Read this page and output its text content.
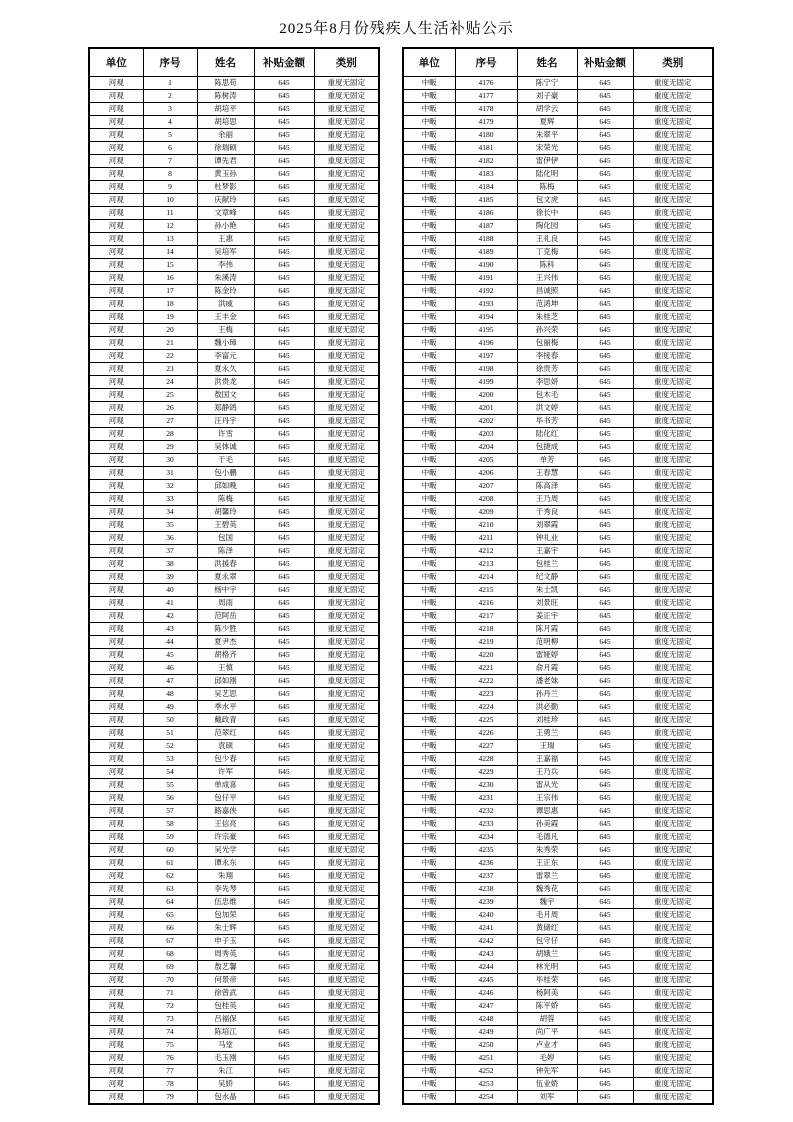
2025年8月份残疾人生活补贴公示
单位	序号	姓名	补贴金额	类别
河观	1	陈思苟	645	重度无固定
河观	2	陈树涛	645	重度无固定
河观	3	胡培平	645	重度无固定
河观	4	胡培思	645	重度无固定
河观	5	余丽	645	重度无固定
河观	6	徐瑞硕	645	重度无固定
河观	7	谭先君	645	重度无固定
河观	8	黄玉孙	645	重度无固定
河观	9	杜梦影	645	重度无固定
河观	10	庆献玲	645	重度无固定
河观	11	文章峰	645	重度无固定
河观	12	孙小艳	645	重度无固定
河观	13	王惠	645	重度无固定
河观	14	吴培军	645	重度无固定
河观	15	李伟	645	重度无固定
河观	16	朱溪涛	645	重度无固定
河观	17	陈金玲	645	重度无固定
河观	18	洪威	645	重度无固定
河观	19	王丰金	645	重度无固定
河观	20	王梅	645	重度无固定
河观	21	魏小璋	645	重度无固定
河观	22	李富元	645	重度无固定
河观	23	夏永久	645	重度无固定
河观	24	洪贵龙	645	重度无固定
河观	25	敖国文	645	重度无固定
河观	26	郑静鸽	645	重度无固定
河观	27	汪丹宇	645	重度无固定
河观	28	许雪	645	重度无固定
河观	29	吴体诚	645	重度无固定
河观	30	于毛	645	重度无固定
河观	31	包小鹏	645	重度无固定
河观	32	邱如晚	645	重度无固定
河观	33	陈梅	645	重度无固定
河观	34	胡馨玲	645	重度无固定
河观	35	王碧英	645	重度无固定
河观	36	包国	645	重度无固定
河观	37	陈泽	645	重度无固定
河观	38	洪援春	645	重度无固定
河观	39	夏永翠	645	重度无固定
河观	40	杨中宇	645	重度无固定
河观	41	周雨	645	重度无固定
河观	42	范阿岳	645	重度无固定
河观	43	陈少胜	645	重度无固定
河观	44	夏尹杰	645	重度无固定
河观	45	胡格齐	645	重度无固定
河观	46	王慎	645	重度无固定
河观	47	邱如刚	645	重度无固定
河观	48	吴艺思	645	重度无固定
河观	49	季水平	645	重度无固定
河观	50	戴政青	645	重度无固定
河观	51	范翠红	645	重度无固定
河观	52	袁硕	645	重度无固定
河观	53	包少春	645	重度无固定
河观	54	许军	645	重度无固定
河观	55	单成喜	645	重度无固定
河观	56	包仔平	645	重度无固定
河观	57	路嘉侠	645	重度无固定
河观	58	王信亮	645	重度无固定
河观	59	许宗豪	645	重度无固定
河观	60	吴光学	645	重度无固定
河观	61	谭永东	645	重度无固定
河观	62	朱翔	645	重度无固定
河观	63	李先琴	645	重度无固定
河观	64	伍忠维	645	重度无固定
河观	65	包加荣	645	重度无固定
河观	66	朱士辉	645	重度无固定
河观	67	申子玉	645	重度无固定
河观	68	周秀英	645	重度无固定
河观	69	敖艺馨	645	重度无固定
河观	70	何景帝	645	重度无固定
河观	71	徐曾武	645	重度无固定
河观	72	包桂英	645	重度无固定
河观	73	吕福保	645	重度无固定
河观	74	陈培江	645	重度无固定
河观	75	马堂	645	重度无固定
河观	76	毛玉刚	645	重度无固定
河观	77	朱江	645	重度无固定
河观	78	吴娇	645	重度无固定
河观	79	包水晶	645	重度无固定
单位	序号	姓名	补贴金额	类别
中畈	4176	陈宁宁	645	重度无固定
中畈	4177	刘子豪	645	重度无固定
中畈	4178	胡学云	645	重度无固定
中畈	4179	夏辉	645	重度无固定
中畈	4180	朱翠平	645	重度无固定
中畈	4181	宋荣光	645	重度无固定
中畈	4182	雷伊伊	645	重度无固定
中畈	4183	陆化明	645	重度无固定
中畈	4184	陈梅	645	重度无固定
中畈	4185	包文虎	645	重度无固定
中畈	4186	徐长中	645	重度无固定
中畈	4187	陶化园	645	重度无固定
中畈	4188	王礼良	645	重度无固定
中畈	4189	丁克梅	645	重度无固定
中畈	4190	陈科	645	重度无固定
中畈	4191	王兴伟	645	重度无固定
中畈	4192	昌诚照	645	重度无固定
中畈	4193	范鸿坤	645	重度无固定
中畈	4194	朱桂芝	645	重度无固定
中畈	4195	孙兴荣	645	重度无固定
中畈	4196	包丽梅	645	重度无固定
中畈	4197	李接春	645	重度无固定
中畈	4198	徐贵芳	645	重度无固定
中畈	4199	李思妍	645	重度无固定
中畈	4200	包木毛	645	重度无固定
中畈	4201	洪文婷	645	重度无固定
中畈	4202	毕书芳	645	重度无固定
中畈	4203	陆化红	645	重度无固定
中畈	4204	包捷成	645	重度无固定
中畈	4205	单芳	645	重度无固定
中畈	4206	王春慧	645	重度无固定
中畈	4207	陈高泽	645	重度无固定
中畈	4208	王乃周	645	重度无固定
中畈	4209	于秀良	645	重度无固定
中畈	4210	刘翠霞	645	重度无固定
中畈	4211	钟礼业	645	重度无固定
中畈	4212	王嘉宇	645	重度无固定
中畈	4213	包桂兰	645	重度无固定
中畈	4214	纪文静	645	重度无固定
中畈	4215	朱士凯	645	重度无固定
中畈	4216	刘景旺	645	重度无固定
中畈	4217	姜正宇	645	重度无固定
中畈	4218	陈月霞	645	重度无固定
中畈	4219	范明柳	645	重度无固定
中畈	4220	雷娅婷	645	重度无固定
中畈	4221	俞月霞	645	重度无固定
中畈	4222	潘老妹	645	重度无固定
中畈	4223	孙丹兰	645	重度无固定
中畈	4224	洪必勤	645	重度无固定
中畈	4225	刘桂珍	645	重度无固定
中畈	4226	王勇兰	645	重度无固定
中畈	4227	王瑞	645	重度无固定
中畈	4228	王嘉福	645	重度无固定
中畈	4229	王乃兵	645	重度无固定
中畈	4230	雷从光	645	重度无固定
中畈	4231	王宗伟	645	重度无固定
中畈	4232	谭思惠	645	重度无固定
中畈	4233	孙美霞	645	重度无固定
中畈	4234	毛德凡	645	重度无固定
中畈	4235	朱秀荣	645	重度无固定
中畈	4236	王正东	645	重度无固定
中畈	4237	雷翠兰	645	重度无固定
中畈	4238	魏秀花	645	重度无固定
中畈	4239	魏宇	645	重度无固定
中畈	4240	毛月周	645	重度无固定
中畈	4241	黄储红	645	重度无固定
中畈	4242	包守仔	645	重度无固定
中畈	4243	胡娥兰	645	重度无固定
中畈	4244	林光明	645	重度无固定
中畈	4245	毕桂荣	645	重度无固定
中畈	4246	杨阿美	645	重度无固定
中畈	4247	陈平娇	645	重度无固定
中畈	4248	胡蓉	645	重度无固定
中畈	4249	尚广平	645	重度无固定
中畈	4250	卢业才	645	重度无固定
中畈	4251	毛婷	645	重度无固定
中畈	4252	钟先军	645	重度无固定
中畈	4253	伍业娇	645	重度无固定
中畈	4254	刘军	645	重度无固定
